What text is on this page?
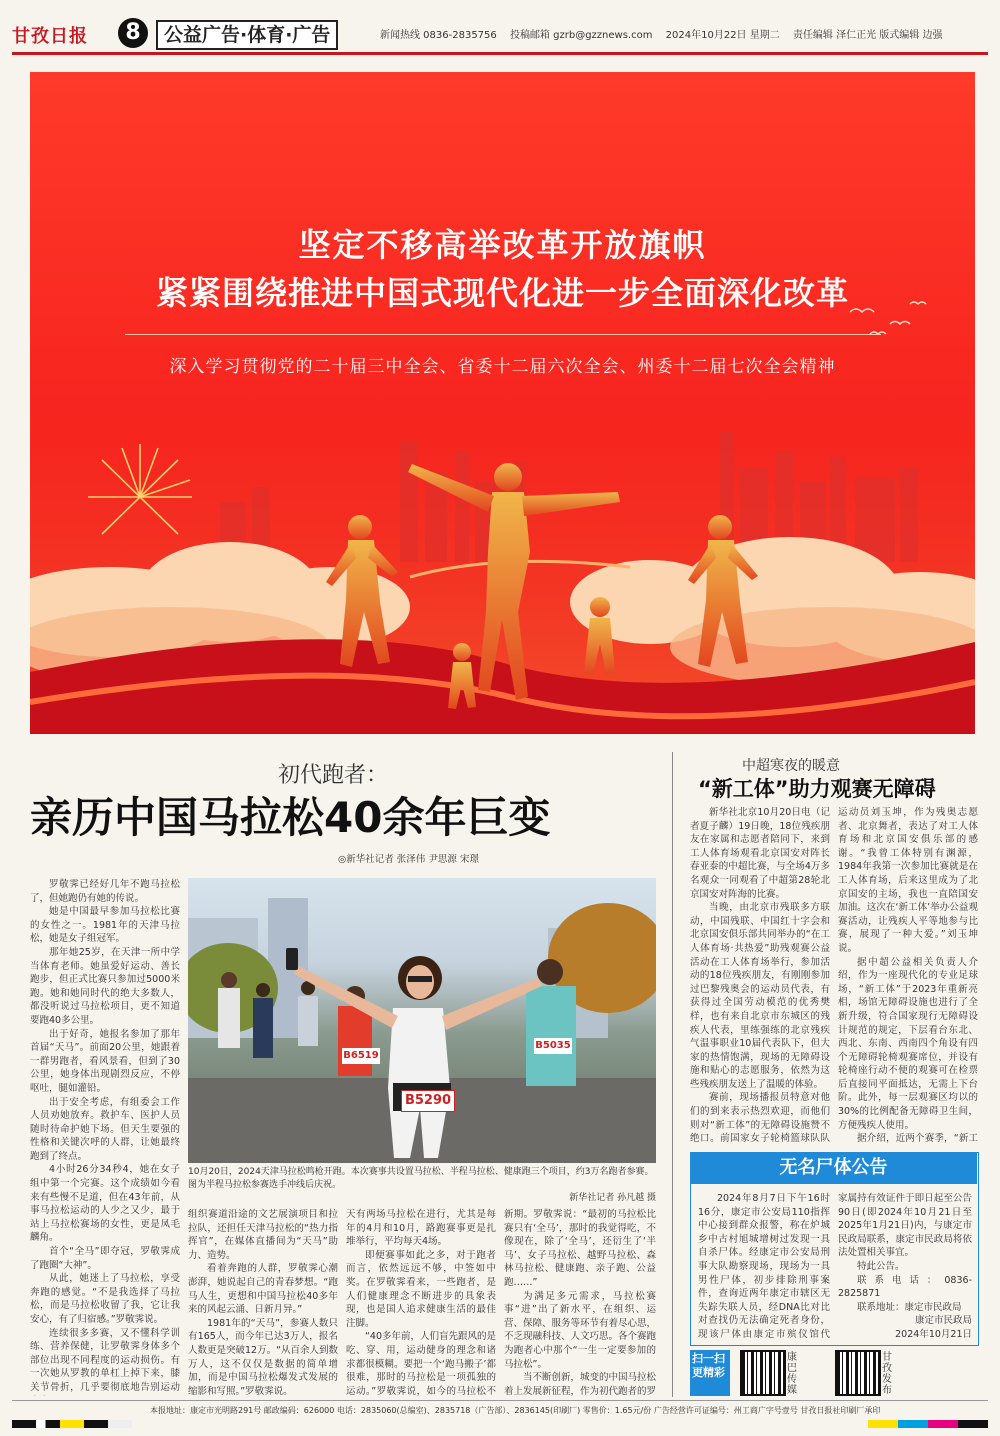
甘孜日报	8	公益广告·体育·广告	新闻热线 0836-2835756 投稿邮箱 gzrb@gzznews.com 2024年10月22日 星期二 责任编辑 泽仁正光 版式编辑 边强
坚定不移高举改革开放旗帜
紧紧围绕推进中国式现代化进一步全面深化改革
深入学习贯彻党的二十届三中全会、省委十二届六次全会、州委十二届七次全会精神
初代跑者：
亲历中国马拉松40余年巨变
◎新华社记者 张泽伟 尹思源 宋璟
B5290
B6519
B5035
10月20日，2024天津马拉松鸣枪开跑。本次赛事共设置马拉松、半程马拉松、健康跑三个项目，约3万名跑者参赛。图为半程马拉松参赛选手冲线后庆祝。
新华社记者 孙凡越 摄

罗敬霁已经好几年不跑马拉松了，但她跑仍有她的传说。

她是中国最早参加马拉松比赛的女性之一。1981年的天津马拉松，她是女子组冠军。

那年她25岁，在天津一所中学当体育老师。她虽爱好运动、善长跑步，但正式比赛只参加过5000米跑。她和她同时代的绝大多数人，都没听说过马拉松项目，更不知道要跑40多公里。

出于好奇，她报名参加了那年首届“天马”。前面20公里，她跟着一群男跑者，看风景看，但到了30公里，她身体出现剧烈反应，不停呕吐，腿如灌铅。

出于安全考虑，有组委会工作人员劝她放弃。救护车、医护人员随时待命护她下场。但天生要强的性格和关键次呼的人群，让她最终跑到了终点。

4小时26分34秒4，她在女子组中第一个完赛。这个成绩如今看来有些慢不足道，但在43年前，从事马拉松运动的人少之又少，最于站上马拉松赛场的女性，更是凤毛麟角。

首个“全马”即夺冠，罗敬霁成了跑圈“大神”。

从此，她迷上了马拉松，享受奔跑的感觉。“不是我选择了马拉松，而是马拉松收留了我，它让我安心，有了归宿感。”罗敬霁说。

连续很多多赛，又不懂科学训练、营养保健，让罗敬霁身体多个部位出现不同程度的运动损伤。有一次她从罗教的单杠上掉下来，膝关节骨折，几乎要彻底地告别运动

组织赛道沿途的文艺展演项目和拉拉队，还担任天津马拉松的“热力指挥官”，在媒体直播间为“天马”助力、造势。

看着奔跑的人群，罗敬霁心潮澎湃，她说起自己的青春梦想。“跑马人生，更想和中国马拉松40多年来的风起云涌、日新月异。”

1981年的“天马”，参赛人数只有165人，而今年已达3万人，报名人数更是突破12万。“从百余人到数万人，这不仅仅是数据的简单增加，而是中国马拉松爆发式发展的缩影和写照。”罗敬霁说。

天有两场马拉松在进行，尤其是每年的4月和10月，路跑赛事更是扎堆举行，平均每天4场。

即便赛事如此之多，对于跑者而言，依然远远不够，中签如中奖。在罗敬霁看来，一些跑者，是人们健康理念不断进步的具象表现，也是国人追求健康生活的最佳注脚。

“40多年前，人们盲先跟风的是吃、穿、用，运动健身的理念和诸求都很模糊。要把一个‘跑马搬子’都很难，那时的马拉松是一项孤独的运动。”罗敬霁说，如今的马拉松不

新期。罗敬霁说：“最初的马拉松比赛只有‘全马’，那时的我觉得吃，不像现在，除了‘全马’，还衍生了‘半马’、女子马拉松、越野马拉松、森林马拉松、健康跑、亲子跑、公益跑……”

为满足多元需求，马拉松赛事“进”出了新水平，在组织、运营、保障、服务等环节有着尽心思，不乏现融科技、人文巧思。各个赛跑为跑者心中那个“一生一定要参加的马拉松”。

当不断创新，城变的中国马拉松着上发展新征程，作为初代跑者的罗

中超寒夜的暖意
“新工体”助力观赛无障碍

新华社北京10月20日电（记者夏子麟）19日晚，18位残疾朋友在家属和志愿者陪同下，来到工人体育场观看北京国安对阵长春亚泰的中超比赛，与全场4万多名观众一同观看了中超第28轮北京国安对阵海的比赛。

当晚，由北京市残联多方联动，中国残联、中国红十字会和北京国安俱乐部共同举办的“在工人体育场·共热爱”助残观赛公益活动在工人体育场举行，参加活动的18位残疾朋友，有刚刚参加过巴黎残奥会的运动员代表，有获得过全国劳动模范的优秀樊样，也有来自北京市东城区的残疾人代表，里练强练的北京残疾气温事职业10届代表队下，但大家的热情饱满，现场的无障碍设施和贴心的志愿服务，依然为这些残疾朋友送上了温暖的体验。

赛前，现场播报员特意对他们的到来表示热烈欢迎，而他们则对“新工体”的无障碍设施赞不绝口。前国家女子轮椅篮球队队

运动员刘玉坤，作为残奥志愿者、北京舞者，表达了对工人体育场和北京国安俱乐部的感谢。“我曾工体特别有渊源，1984年我第一次参加比赛就是在工人体育场，后来这里成为了北京国安的主场，我也一直陪国安加油。这次在‘新工体’举办公益观赛活动，让残疾人平等地参与比赛，展现了一种大爱。”刘玉坤说。

据中超公益相关负责人介绍，作为一座现代化的专业足球场，“新工体”于2023年重新亮相，场馆无障碍设施也进行了全新升级，符合国家现行无障碍设计规范的规定，下层看台东北、西北、东南、西南四个角设有四个无障碍轮椅观赛席位，并设有轮椅座行动不便的观赛可在检票后直接同平面抵达，无需上下台阶。此外，每一层观赛区均以的30%的比例配备无障碍卫生间，方便残疾人使用。

据介绍，近两个赛季，“新工

无名尸体公告

2024年8月7日下午16时16分，康定市公安局110指挥中心接到群众报警，称在炉城乡中古村旭城增树过发现一具自杀尸体。经康定市公安局刑事大队勘察现场，现场为一具男性尸体，初步排除刑事案件，查询近两年康定市辖区无失踪失联人员，经DNA比对比对查找仍无法确定死者身份，现该尸体由康定市殡仪馆代

家属持有效证件于即日起至公告90日(即2024年10月21日至2025年1月21日)内，与康定市民政局联系，康定市民政局将依法处置相关事宜。

特此公告。

联系电话：0836-2825871

联系地址：康定市民政局

康定市民政局

2024年10月21日

扫一扫
更精彩
康巴传媒
甘孜发布
本报地址：康定市光明路291号 邮政编码：626000 电话：2835060(总编室)、2835718（广告部）、2836145(印刷厂) 零售价：1.65元/份 广告经营许可证编号：州工商广字号壹号 甘孜日报社印刷厂承印
